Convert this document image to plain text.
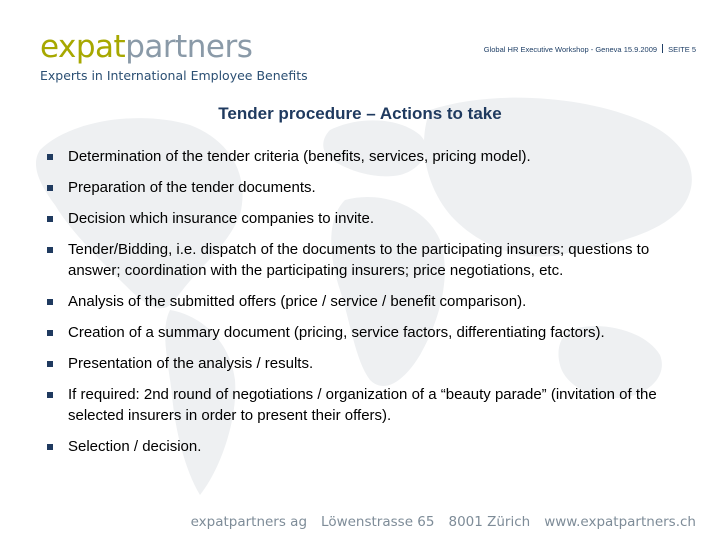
expatpartners
Experts in International Employee Benefits
Global HR Executive Workshop - Geneva 15.9.2009 SEITE 5
Tender procedure – Actions to take
Determination of the tender criteria (benefits, services, pricing model).
Preparation of the tender documents.
Decision which insurance companies to invite.
Tender/Bidding, i.e. dispatch of the documents to the participating insurers; questions to answer; coordination with the participating insurers; price negotiations, etc.
Analysis of the submitted offers (price / service / benefit comparison).
Creation of a summary document (pricing, service factors, differentiating factors).
Presentation of the analysis / results.
If required: 2nd round of negotiations / organization of a “beauty parade” (invitation of the selected insurers in order to present their offers).
Selection / decision.
expatpartners ag Löwenstrasse 65 8001 Zürich www.expatpartners.ch
